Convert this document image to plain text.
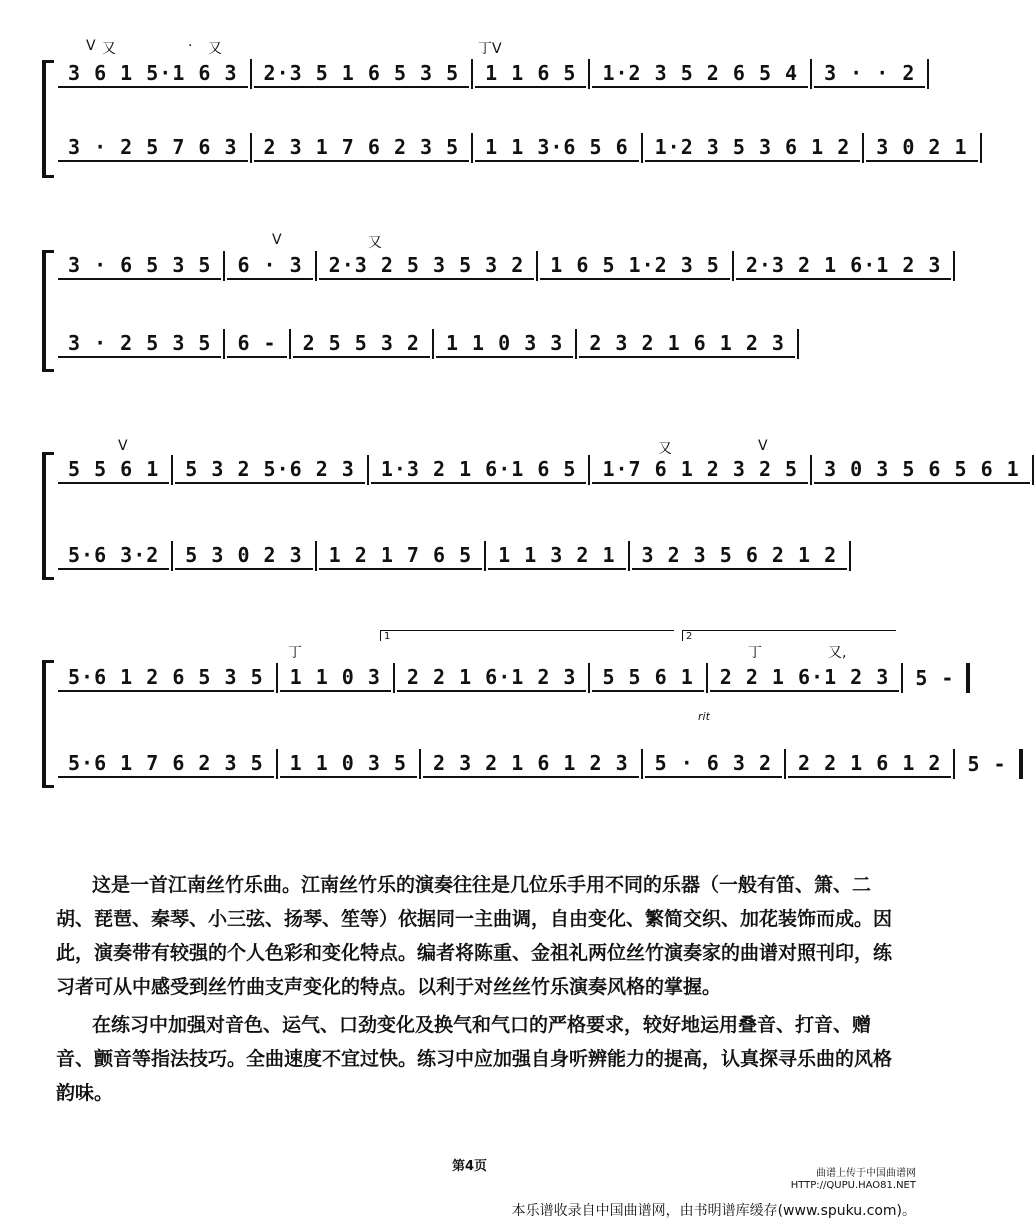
V 又	· 又	丁V
3 6 1 5·1 6 3	2·3 5 1 6 5 3 5	1 1 6 5	1·2 3 5 2 6 5 4	3 · · 2
3 · 2 5 7 6 3	2 3 1 7 6 2 3 5	1 1 3·6 5 6	1·2 3 5 3 6 1 2	3 0 2 1
V	又
3 · 6 5 3 5	6 · 3	2·3 2 5 3 5 3 2	1 6 5 1·2 3 5	2·3 2 1 6·1 2 3
3 · 2 5 3 5	6 -	2 5 5 3 2	1 1 0 3 3	2 3 2 1 6 1 2 3
V	又	V
5 5 6 1	5 3 2 5·6 2 3	1·3 2 1 6·1 6 5	1·7 6 1 2 3 2 5	3 0 3 5 6 5 6 1
5·6 3·2	5 3 0 2 3	1 2 1 7 6 5	1 1 3 2 1	3 2 3 5 6 2 1 2
丁	丁	又,
1	2
5·6 1 2 6 5 3 5	1 1 0 3	2 2 1 6·1 2 3	5 5 6 1	2 2 1 6·1 2 3	5 -
rit
5·6 1 7 6 2 3 5	1 1 0 3 5	2 3 2 1 6 1 2 3	5 · 6 3 2	2 2 1 6 1 2	5 -

这是一首江南丝竹乐曲。江南丝竹乐的演奏往往是几位乐手用不同的乐器（一般有笛、箫、二胡、琵琶、秦琴、小三弦、扬琴、笙等）依据同一主曲调，自由变化、繁简交织、加花装饰而成。因此，演奏带有较强的个人色彩和变化特点。编者将陈重、金祖礼两位丝竹演奏家的曲谱对照刊印，练习者可从中感受到丝竹曲支声变化的特点。以利于对丝丝竹乐演奏风格的掌握。

在练习中加强对音色、运气、口劲变化及换气和气口的严格要求，较好地运用叠音、打音、赠音、颤音等指法技巧。全曲速度不宜过快。练习中应加强自身听辨能力的提高，认真探寻乐曲的风格韵味。

第4页	曲谱上传于中国曲谱网
HTTP://QUPU.HAO81.NET
本乐谱收录自中国曲谱网，由书明谱库缓存(www.spuku.com)。
